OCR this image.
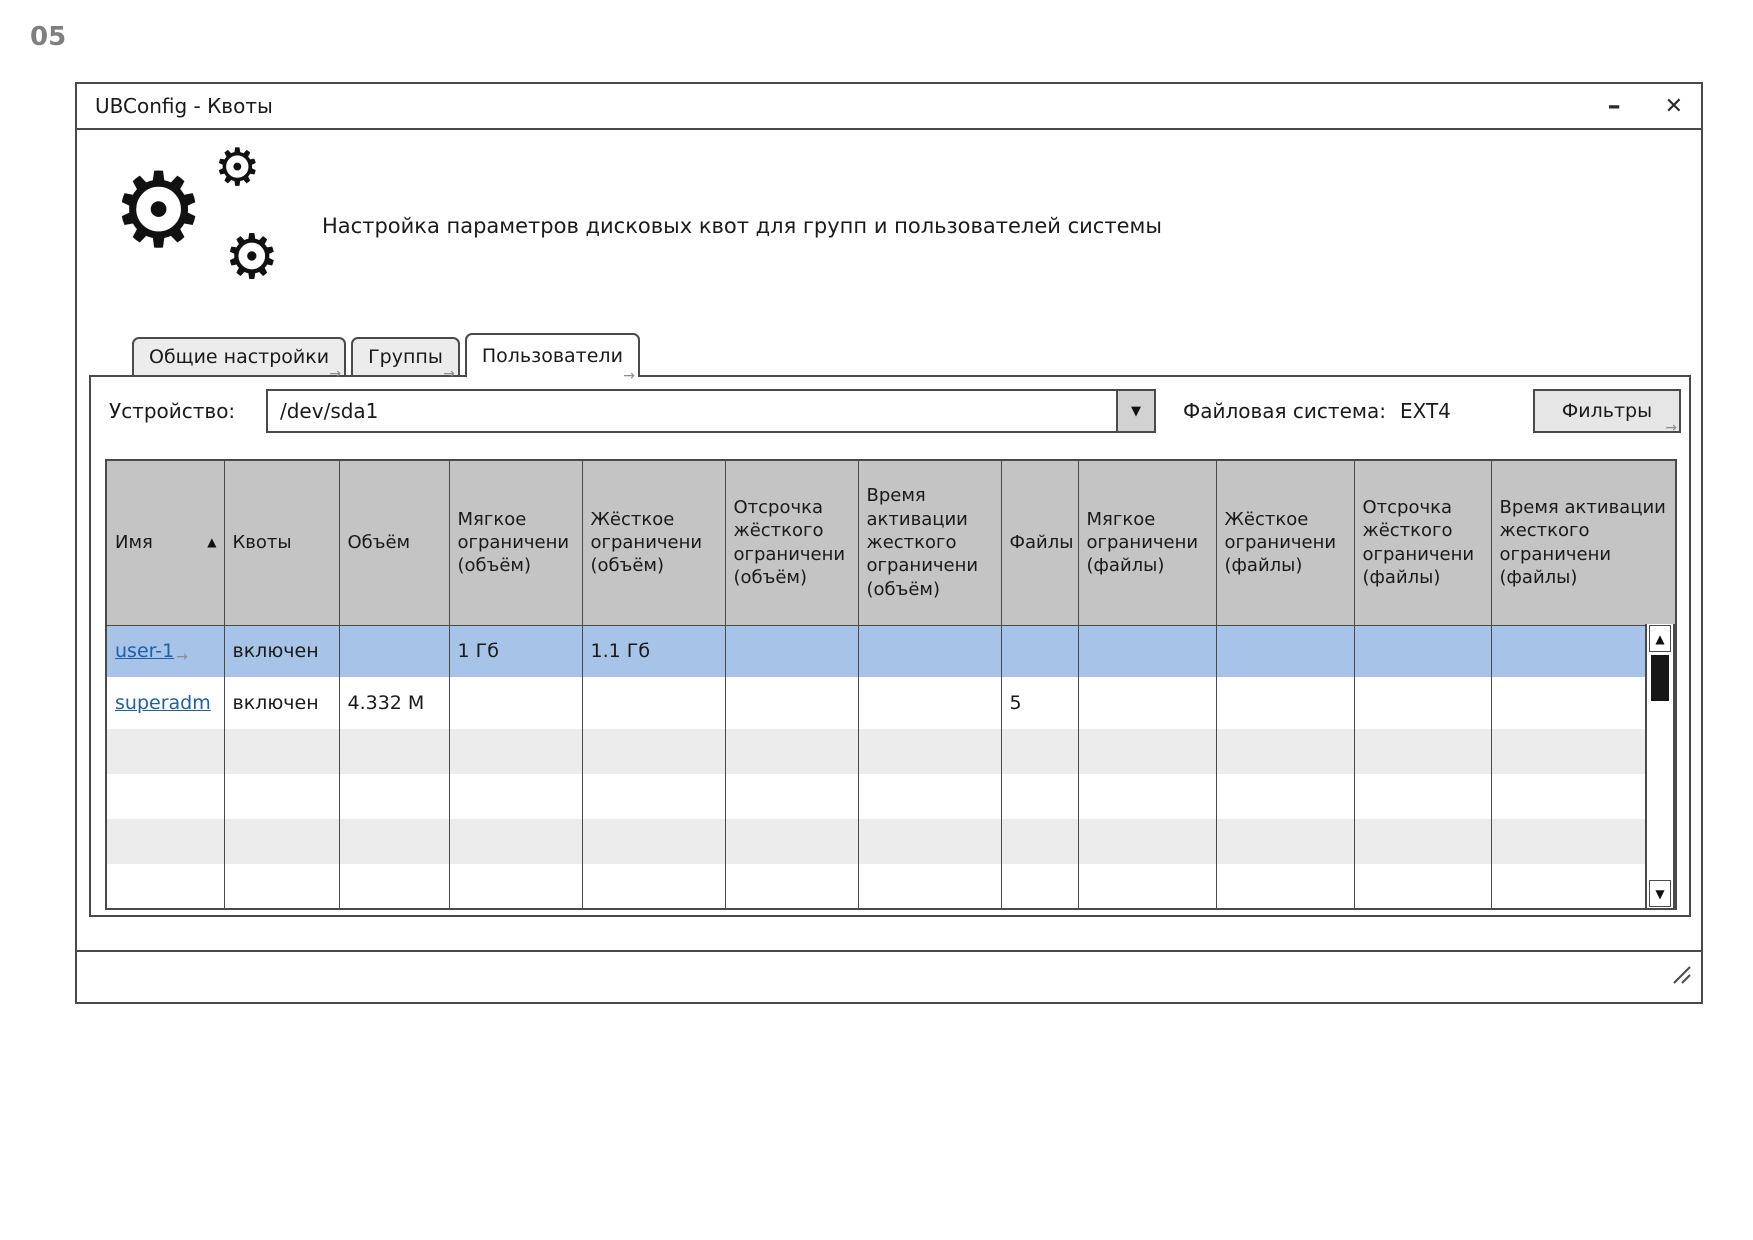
05
UBConfig - Квоты	– ✕
⚙ ⚙
⚙ Настройка параметров дисковых квот для групп и пользователей системы
Общие настройки
→
Группы
→
Пользователи
→
Устройство:	/dev/sda1	▼	Файловая система: EXT4	Фильтры
→
Имя ▲	Квоты	Объём	Мягкое ограничени (объём)	Жёсткое ограничени (объём)	Отсрочка жёсткого ограничени (объём)	Время активации жесткого ограничени (объём)	Файлы	Мягкое ограничени (файлы)	Жёсткое ограничени (файлы)	Отсрочка жёсткого ограничени (файлы)	Время активации жесткого ограничени (файлы)
user-1 $_\to$	включен		1 Гб	1.1 Гб							
superadm	включен	4.332 M					5				

▲
▼
